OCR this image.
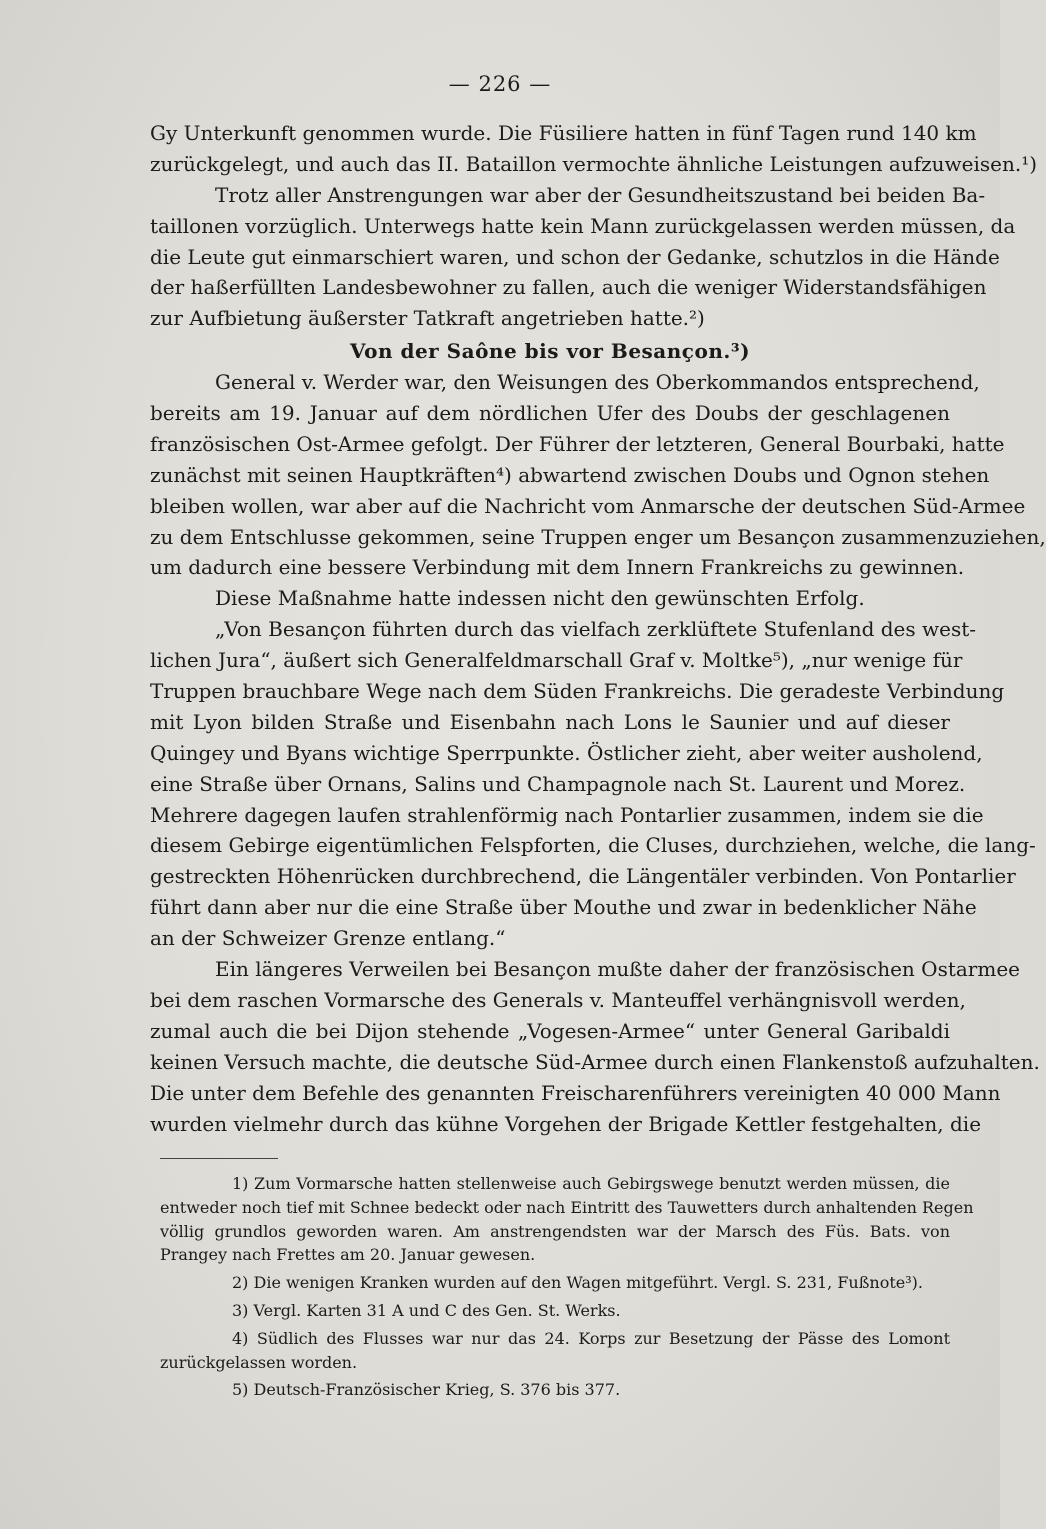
— 226 —
Gy Unterkunft genommen wurde. Die Füsiliere hatten in fünf Tagen rund 140 km
zurückgelegt, und auch das II. Bataillon vermochte ähnliche Leistungen aufzuweisen.¹)
Trotz aller Anstrengungen war aber der Gesundheitszustand bei beiden Ba-
taillonen vorzüglich. Unterwegs hatte kein Mann zurückgelassen werden müssen, da
die Leute gut einmarschiert waren, und schon der Gedanke, schutzlos in die Hände
der haßerfüllten Landesbewohner zu fallen, auch die weniger Widerstandsfähigen
zur Aufbietung äußerster Tatkraft angetrieben hatte.²)
Von der Saône bis vor Besançon.³)
General v. Werder war, den Weisungen des Oberkommandos entsprechend,
bereits am 19. Januar auf dem nördlichen Ufer des Doubs der geschlagenen
französischen Ost-Armee gefolgt. Der Führer der letzteren, General Bourbaki, hatte
zunächst mit seinen Hauptkräften⁴) abwartend zwischen Doubs und Ognon stehen
bleiben wollen, war aber auf die Nachricht vom Anmarsche der deutschen Süd-Armee
zu dem Entschlusse gekommen, seine Truppen enger um Besançon zusammenzuziehen,
um dadurch eine bessere Verbindung mit dem Innern Frankreichs zu gewinnen.
Diese Maßnahme hatte indessen nicht den gewünschten Erfolg.
„Von Besançon führten durch das vielfach zerklüftete Stufenland des west-
lichen Jura“, äußert sich Generalfeldmarschall Graf v. Moltke⁵), „nur wenige für
Truppen brauchbare Wege nach dem Süden Frankreichs. Die geradeste Verbindung
mit Lyon bilden Straße und Eisenbahn nach Lons le Saunier und auf dieser
Quingey und Byans wichtige Sperrpunkte. Östlicher zieht, aber weiter ausholend,
eine Straße über Ornans, Salins und Champagnole nach St. Laurent und Morez.
Mehrere dagegen laufen strahlenförmig nach Pontarlier zusammen, indem sie die
diesem Gebirge eigentümlichen Felspforten, die Cluses, durchziehen, welche, die lang-
gestreckten Höhenrücken durchbrechend, die Längentäler verbinden. Von Pontarlier
führt dann aber nur die eine Straße über Mouthe und zwar in bedenklicher Nähe
an der Schweizer Grenze entlang.“
Ein längeres Verweilen bei Besançon mußte daher der französischen Ostarmee
bei dem raschen Vormarsche des Generals v. Manteuffel verhängnisvoll werden,
zumal auch die bei Dijon stehende „Vogesen-Armee“ unter General Garibaldi
keinen Versuch machte, die deutsche Süd-Armee durch einen Flankenstoß aufzuhalten.
Die unter dem Befehle des genannten Freischarenführers vereinigten 40 000 Mann
wurden vielmehr durch das kühne Vorgehen der Brigade Kettler festgehalten, die
1) Zum Vormarsche hatten stellenweise auch Gebirgswege benutzt werden müssen, die
entweder noch tief mit Schnee bedeckt oder nach Eintritt des Tauwetters durch anhaltenden Regen
völlig grundlos geworden waren. Am anstrengendsten war der Marsch des Füs. Bats. von
Prangey nach Frettes am 20. Januar gewesen.
2) Die wenigen Kranken wurden auf den Wagen mitgeführt. Vergl. S. 231, Fußnote³).
3) Vergl. Karten 31 A und C des Gen. St. Werks.
4) Südlich des Flusses war nur das 24. Korps zur Besetzung der Pässe des Lomont
zurückgelassen worden.
5) Deutsch-Französischer Krieg, S. 376 bis 377.
